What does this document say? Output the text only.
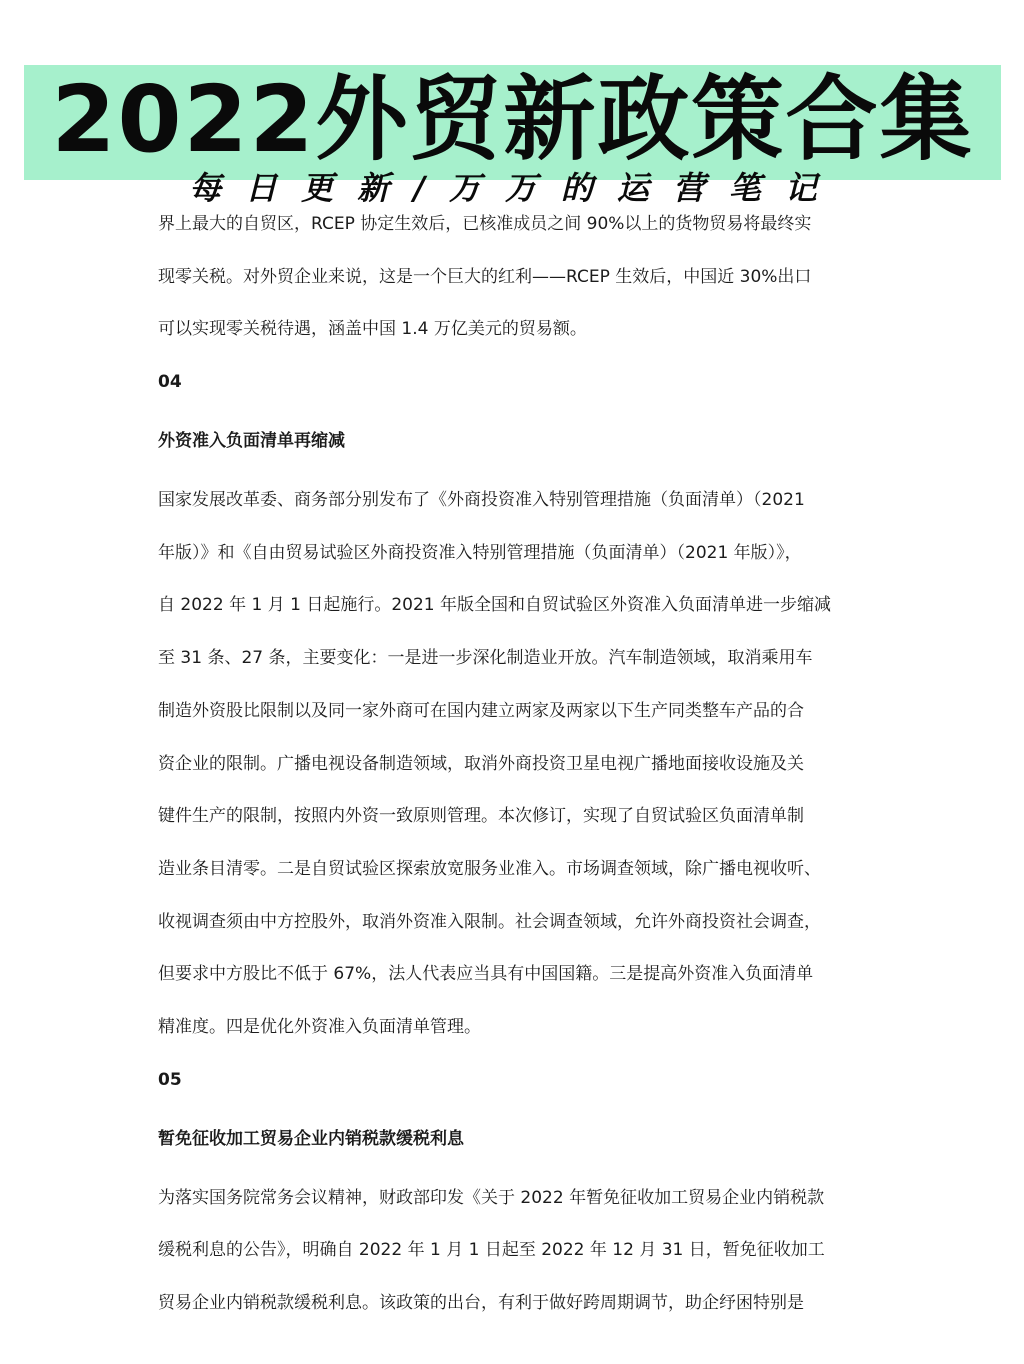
2022外贸新政策合集
每日更新/万万的运营笔记

界上最大的自贸区，RCEP 协定生效后，已核准成员之间 90%以上的货物贸易将最终实

现零关税。对外贸企业来说，这是一个巨大的红利——RCEP 生效后，中国近 30%出口

可以实现零关税待遇，涵盖中国 1.4 万亿美元的贸易额。

04

外资准入负面清单再缩减

国家发展改革委、商务部分别发布了《外商投资准入特别管理措施（负面清单）（2021

年版）》和《自由贸易试验区外商投资准入特别管理措施（负面清单）（2021 年版）》，

自 2022 年 1 月 1 日起施行。2021 年版全国和自贸试验区外资准入负面清单进一步缩减

至 31 条、27 条，主要变化：一是进一步深化制造业开放。汽车制造领域，取消乘用车

制造外资股比限制以及同一家外商可在国内建立两家及两家以下生产同类整车产品的合

资企业的限制。广播电视设备制造领域，取消外商投资卫星电视广播地面接收设施及关

键件生产的限制，按照内外资一致原则管理。本次修订，实现了自贸试验区负面清单制

造业条目清零。二是自贸试验区探索放宽服务业准入。市场调查领域，除广播电视收听、

收视调查须由中方控股外，取消外资准入限制。社会调查领域，允许外商投资社会调查，

但要求中方股比不低于 67%，法人代表应当具有中国国籍。三是提高外资准入负面清单

精准度。四是优化外资准入负面清单管理。

05

暂免征收加工贸易企业内销税款缓税利息

为落实国务院常务会议精神，财政部印发《关于 2022 年暂免征收加工贸易企业内销税款

缓税利息的公告》，明确自 2022 年 1 月 1 日起至 2022 年 12 月 31 日，暂免征收加工

贸易企业内销税款缓税利息。该政策的出台，有利于做好跨周期调节，助企纾困特别是
